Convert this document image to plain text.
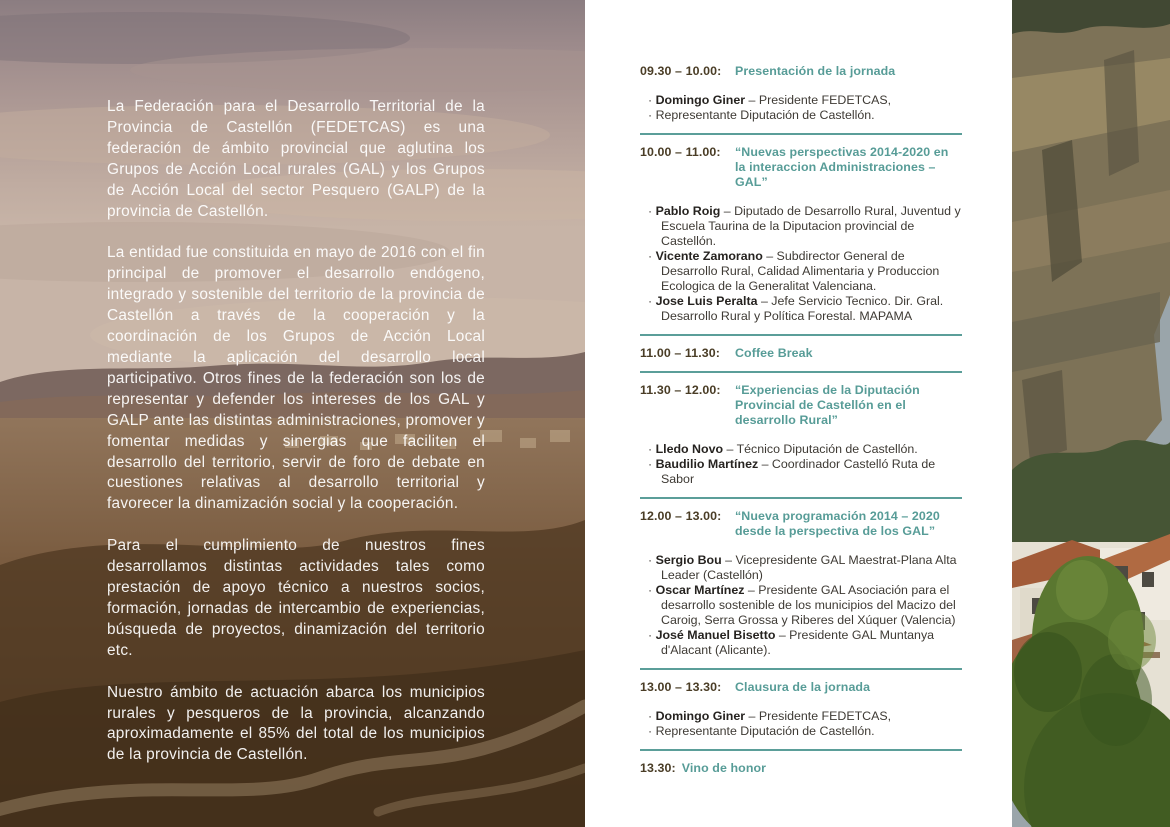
La Federación para el Desarrollo Territorial de la Provincia de Castellón (FEDETCAS) es una federación de ámbito provincial que aglutina los Grupos de Acción Local rurales (GAL) y los Grupos de Acción Local del sector Pesquero (GALP) de la provincia de Castellón.

La entidad fue constituida en mayo de 2016 con el fin principal de promover el desarrollo endógeno, integrado y sostenible del territorio de la provincia de Castellón a través de la cooperación y la coordinación de los Grupos de Acción Local mediante la aplicación del desarrollo local participativo. Otros fines de la federación son los de representar y defender los intereses de los GAL y GALP ante las distintas administraciones, promover y fomentar medidas y sinergias que faciliten el desarrollo del territorio, servir de foro de debate en cuestiones relativas al desarrollo territorial y favorecer la dinamización social y la cooperación.

Para el cumplimiento de nuestros fines desarrollamos distintas actividades tales como prestación de apoyo técnico a nuestros socios, formación, jornadas de intercambio de experiencias, búsqueda de proyectos, dinamización del territorio etc.

Nuestro ámbito de actuación abarca los municipios rurales y pesqueros de la provincia, alcanzando aproximadamente el 85% del total de los municipios de la provincia de Castellón.

09.30 – 10.00:	Presentación de la jornada
· Domingo Giner – Presidente FEDETCAS,
· Representante Diputación de Castellón.
10.00 – 11.00:	“Nuevas perspectivas 2014-2020 en la interaccion Administraciones – GAL”
· Pablo Roig – Diputado de Desarrollo Rural, Juventud y Escuela Taurina de la Diputacion provincial de Castellón.
· Vicente Zamorano – Subdirector General de Desarrollo Rural, Calidad Alimentaria y Produccion Ecologica de la Generalitat Valenciana.
· Jose Luis Peralta – Jefe Servicio Tecnico. Dir. Gral. Desarrollo Rural y Política Forestal. MAPAMA
11.00 – 11.30:	Coffee Break
11.30 – 12.00:	“Experiencias de la Diputación Provincial de Castellón en el desarrollo Rural”
· Lledo Novo – Técnico Diputación de Castellón.
· Baudilio Martínez – Coordinador Castelló Ruta de Sabor
12.00 – 13.00:	“Nueva programación 2014 – 2020 desde la perspectiva de los GAL”
· Sergio Bou – Vicepresidente GAL Maestrat-Plana Alta Leader (Castellón)
· Oscar Martínez – Presidente GAL Asociación para el desarrollo sostenible de los municipios del Macizo del Caroig, Serra Grossa y Riberes del Xúquer (Valencia)
· José Manuel Bisetto – Presidente GAL Muntanya d'Alacant (Alicante).
13.00 – 13.30:	Clausura de la jornada
· Domingo Giner – Presidente FEDETCAS,
· Representante Diputación de Castellón.
13.30: Vino de honor
